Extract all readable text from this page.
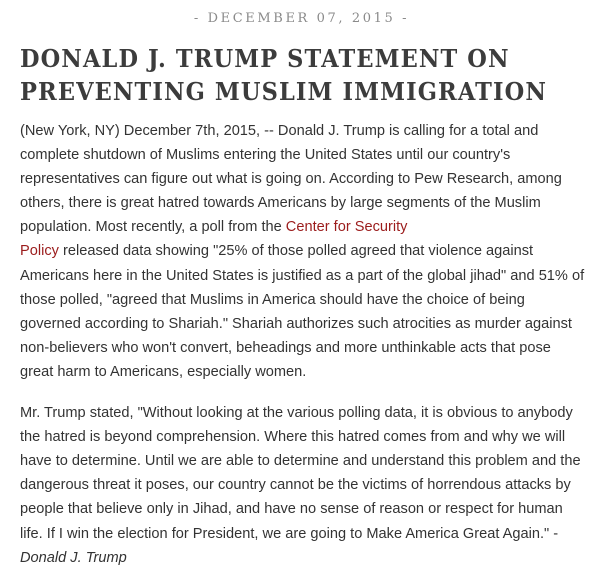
- DECEMBER 07, 2015 -
DONALD J. TRUMP STATEMENT ON
PREVENTING MUSLIM IMMIGRATION

(New York, NY) December 7th, 2015, -- Donald J. Trump is calling for a total and complete shutdown of Muslims entering the United States until our country's representatives can figure out what is going on. According to Pew Research, among others, there is great hatred towards Americans by large segments of the Muslim population. Most recently, a poll from the Center for Security
Policy released data showing "25% of those polled agreed that violence against Americans here in the United States is justified as a part of the global jihad" and 51% of those polled, "agreed that Muslims in America should have the choice of being governed according to Shariah." Shariah authorizes such atrocities as murder against non-believers who won't convert, beheadings and more unthinkable acts that pose great harm to Americans, especially women.

Mr. Trump stated, "Without looking at the various polling data, it is obvious to anybody the hatred is beyond comprehension. Where this hatred comes from and why we will have to determine. Until we are able to determine and understand this problem and the dangerous threat it poses, our country cannot be the victims of horrendous attacks by people that believe only in Jihad, and have no sense of reason or respect for human life. If I win the election for President, we are going to Make America Great Again." - Donald J. Trump
